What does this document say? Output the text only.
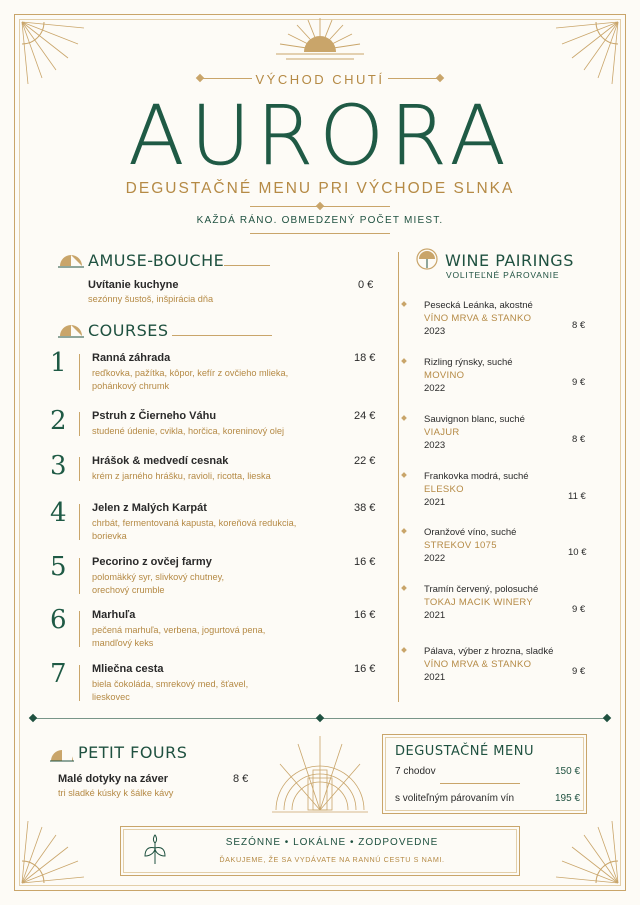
VÝCHOD CHUTÍ
AURORA
DEGUSTAČNÉ MENU PRI VÝCHODE SLNKA
KAŽDÁ RÁNO. OBMEDZENÝ POČET MIEST.
AMUSE-BOUCHE
Uvítanie kuchyne
sezónny šustoš, inšpirácia dňa
0 €
COURSES
1 Ranná záhrada
reďkovka, pažítka, kôpor, kefír z ovčieho mlieka,
pohánkový chrumk
18 €
2 Pstruh z Čierneho Váhu
studené údenie, cvikla, horčica, koreninový olej
24 €
3 Hrášok & medvedí cesnak
krém z jarného hrášku, ravioli, ricotta, lieska
22 €
4 Jelen z Malých Karpát
chrbát, fermentovaná kapusta, koreňová redukcia,
borievka
38 €
5 Pecorino z ovčej farmy
polomäkký syr, slivkový chutney,
orechový crumble
16 €
6 Marhuľa
pečená marhuľa, verbena, jogurtová pena,
mandľový keks
16 €
7 Mliečna cesta
biela čokoláda, smrekový med, šťavel,
lieskovec
16 €
WINE PAIRINGS
VOLITEĽNÉ PÁROVANIE
Pesecká Leánka, akostné
VÍNO MRVA & STANKO
2023
8 €
Rizling rýnsky, suché
MOVINO
2022
9 €
Sauvignon blanc, suché
VIAJUR
2023
8 €
Frankovka modrá, suché
ELESKO
2021
11 €
Oranžové víno, suché
STREKOV 1075
2022
10 €
Tramín červený, polosuché
TOKAJ MACIK WINERY
2021
9 €
Pálava, výber z hrozna, sladké
VÍNO MRVA & STANKO
2021
9 €
PETIT FOURS
Malé dotyky na záver
tri sladké kúsky k šálke kávy
8 €
DEGUSTAČNÉ MENU
7 chodov	150 €
s voliteľným párovaním vín	195 €
SEZÓNNE • LOKÁLNE • ZODPOVEDNE
ĎAKUJEME, ŽE SA VYDÁVATE NA RANNÚ CESTU S NAMI.
